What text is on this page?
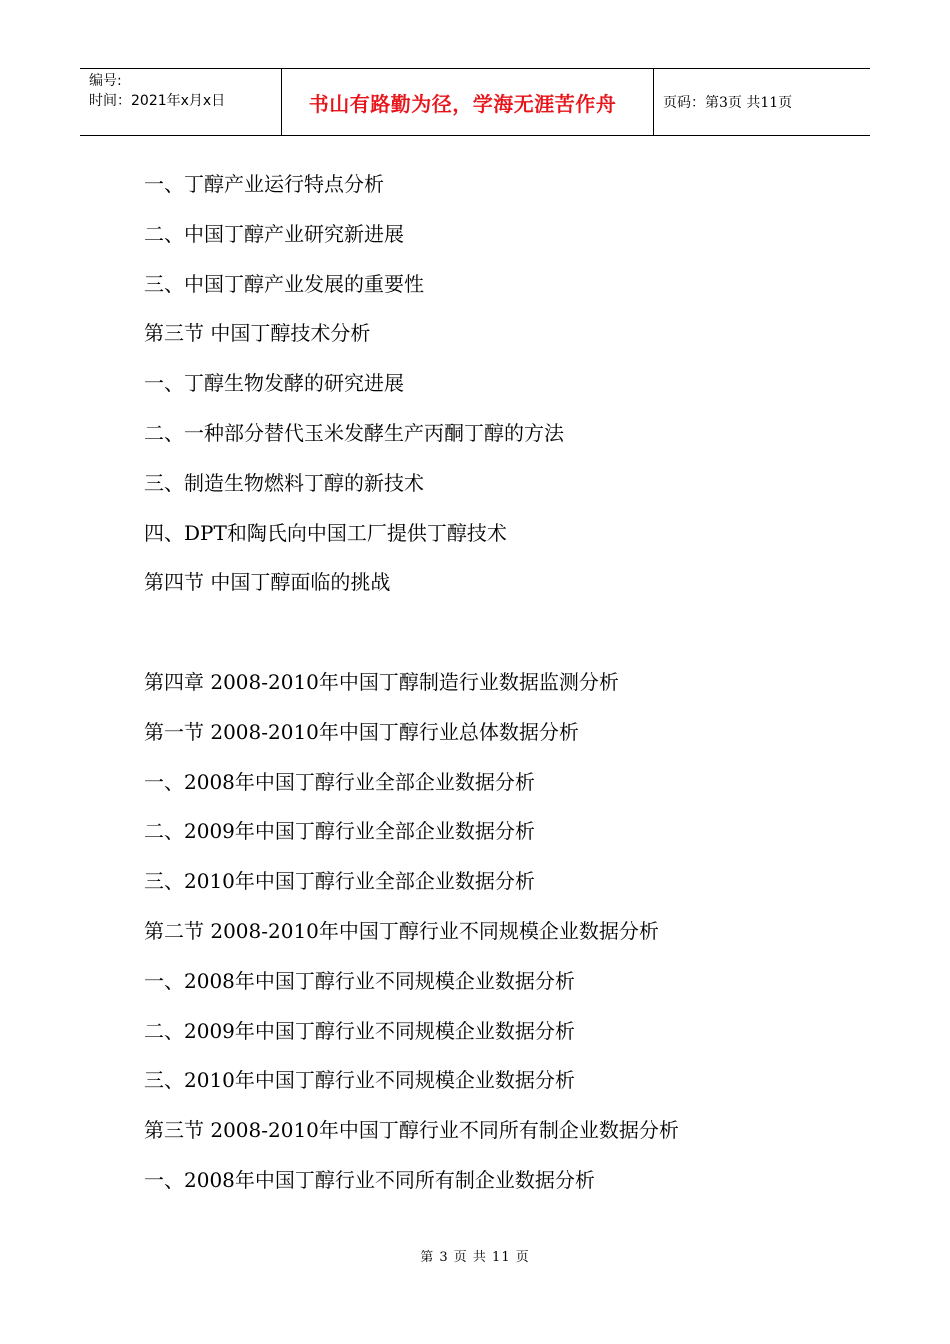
编号:
时间：2021年x月x日	书山有路勤为径，学海无涯苦作舟	页码：第3页 共11页
一、丁醇产业运行特点分析
二、中国丁醇产业研究新进展
三、中国丁醇产业发展的重要性
第三节 中国丁醇技术分析
一、丁醇生物发酵的研究进展
二、一种部分替代玉米发酵生产丙酮丁醇的方法
三、制造生物燃料丁醇的新技术
四、DPT和陶氏向中国工厂提供丁醇技术
第四节 中国丁醇面临的挑战
第四章 2008-2010年中国丁醇制造行业数据监测分析
第一节 2008-2010年中国丁醇行业总体数据分析
一、2008年中国丁醇行业全部企业数据分析
二、2009年中国丁醇行业全部企业数据分析
三、2010年中国丁醇行业全部企业数据分析
第二节 2008-2010年中国丁醇行业不同规模企业数据分析
一、2008年中国丁醇行业不同规模企业数据分析
二、2009年中国丁醇行业不同规模企业数据分析
三、2010年中国丁醇行业不同规模企业数据分析
第三节 2008-2010年中国丁醇行业不同所有制企业数据分析
一、2008年中国丁醇行业不同所有制企业数据分析
第 3 页 共 11 页
